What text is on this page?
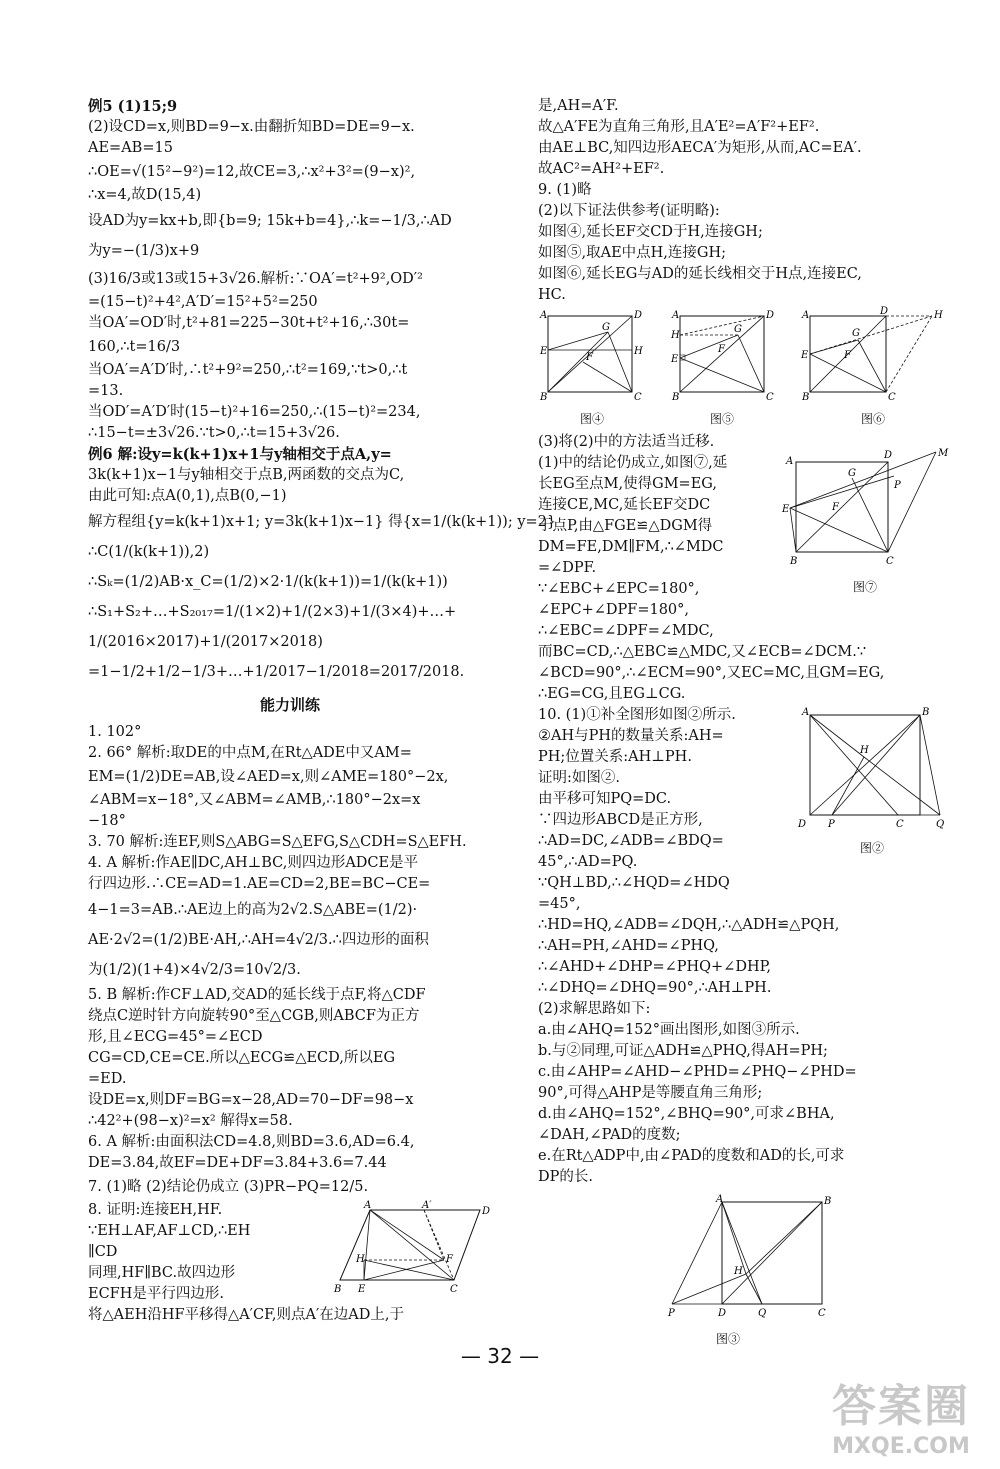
例5 (1)15;9
(2)设CD=x,则BD=9−x.由翻折知BD=DE=9−x.
AE=AB=15
∴OE=√(15²−9²)=12,故CE=3,∴x²+3²=(9−x)²,
∴x=4,故D(15,4)
设AD为y=kx+b,即{b=9; 15k+b=4},∴k=−1/3,∴AD
为y=−(1/3)x+9
(3)16/3或13或15+3√26.解析:∵OA′=t²+9²,OD′²
=(15−t)²+4²,A′D′=15²+5²=250
当OA′=OD′时,t²+81=225−30t+t²+16,∴30t=
160,∴t=16/3
当OA′=A′D′时,∴t²+9²=250,∴t²=169,∵t>0,∴t
=13.
当OD′=A′D′时(15−t)²+16=250,∴(15−t)²=234,
∴15−t=±3√26.∵t>0,∴t=15+3√26.
例6 解:设y=k(k+1)x+1与y轴相交于点A,y=
3k(k+1)x−1与y轴相交于点B,两函数的交点为C,
由此可知:点A(0,1),点B(0,−1)
解方程组{y=k(k+1)x+1; y=3k(k+1)x−1} 得{x=1/(k(k+1)); y=2}
∴C(1/(k(k+1)),2)
∴Sₖ=(1/2)AB·x_C=(1/2)×2·1/(k(k+1))=1/(k(k+1))
∴S₁+S₂+…+S₂₀₁₇=1/(1×2)+1/(2×3)+1/(3×4)+…+
1/(2016×2017)+1/(2017×2018)
=1−1/2+1/2−1/3+…+1/2017−1/2018=2017/2018.
能力训练
1. 102°
2. 66° 解析:取DE的中点M,在Rt△ADE中又AM=
EM=(1/2)DE=AB,设∠AED=x,则∠AME=180°−2x,
∠ABM=x−18°,又∠ABM=∠AMB,∴180°−2x=x
−18°
3. 70 解析:连EF,则S△ABG=S△EFG,S△CDH=S△EFH.
4. A 解析:作AE∥DC,AH⊥BC,则四边形ADCE是平
行四边形.∴CE=AD=1.AE=CD=2,BE=BC−CE=
4−1=3=AB.∴AE边上的高为2√2.S△ABE=(1/2)·
AE·2√2=(1/2)BE·AH,∴AH=4√2/3.∴四边形的面积
为(1/2)(1+4)×4√2/3=10√2/3.
5. B 解析:作CF⊥AD,交AD的延长线于点F,将△CDF
绕点C逆时针方向旋转90°至△CGB,则ABCF为正方
形,且∠ECG=45°=∠ECD
CG=CD,CE=CE.所以△ECG≌△ECD,所以EG
=ED.
设DE=x,则DF=BG=x−28,AD=70−DF=98−x
∴42²+(98−x)²=x² 解得x=58.
6. A 解析:由面积法CD=4.8,则BD=3.6,AD=6.4,
DE=3.84,故EF=DE+DF=3.84+3.6=7.44
7. (1)略 (2)结论仍成立 (3)PR−PQ=12/5.
8. 证明:连接EH,HF.
∵EH⊥AF,AF⊥CD,∴EH
∥CD
同理,HF∥BC.故四边形
ECFH是平行四边形.
A	A′
D
H	F
E	C
B
将△AEH沿HF平移得△A′CF,则点A′在边AD上,于
是,AH=A′F.
故△A′FE为直角三角形,且A′E²=A′F²+EF².
由AE⊥BC,知四边形AECA′为矩形,从而,AC=EA′.
故AC²=AH²+EF².
9. (1)略
(2)以下证法供参考(证明略):
如图④,延长EF交CD于H,连接GH;
如图⑤,取AE中点H,连接GH;
如图⑥,延长EG与AD的延长线相交于H点,连接EC,
HC.
A	D
E	H
G
F
B	C
图④
A	D
H
E
G
F
B	C
图⑤
A	D	H
E
G
F
B	C
图⑥
(3)将(2)中的方法适当迁移.
(1)中的结论仍成立,如图⑦,延
长EG至点M,使得GM=EG,
连接CE,MC,延长EF交DC
于点P,由△FGE≌△DGM得
DM=FE,DM∥FM,∴∠MDC
=∠DPF.
∵∠EBC+∠EPC=180°,
∠EPC+∠DPF=180°,
∴∠EBC=∠DPF=∠MDC,
A
D	M
G
P
F
E
B	C
图⑦
而BC=CD,∴△EBC≌△MDC,又∠ECB=∠DCM.∵
∠BCD=90°,∴∠ECM=90°,又EC=MC,且GM=EG,
∴EG=CG,且EG⊥CG.
10. (1)①补全图形如图②所示.
②AH与PH的数量关系:AH=
PH;位置关系:AH⊥PH.
证明:如图②.
由平移可知PQ=DC.
∵四边形ABCD是正方形,
∴AD=DC,∠ADB=∠BDQ=
45°,∴AD=PQ.
∵QH⊥BD,∴∠HQD=∠HDQ
=45°,
A	B
H
D P	C	Q
图②
∴HD=HQ,∠ADB=∠DQH,∴△ADH≌△PQH,
∴AH=PH,∠AHD=∠PHQ,
∴∠AHD+∠DHP=∠PHQ+∠DHP,
∴∠DHQ=∠DHQ=90°,∴AH⊥PH.
(2)求解思路如下:
a.由∠AHQ=152°画出图形,如图③所示.
b.与②同理,可证△ADH≌△PHQ,得AH=PH;
c.由∠AHP=∠AHD−∠PHD=∠PHQ−∠PHD=
90°,可得△AHP是等腰直角三角形;
d.由∠AHQ=152°,∠BHQ=90°,可求∠BHA,
∠DAH,∠PAD的度数;
e.在Rt△ADP中,由∠PAD的度数和AD的长,可求
DP的长.
A	B
H
P	D	Q	C
图③
— 32 —
答案圈
MXQE.COM
